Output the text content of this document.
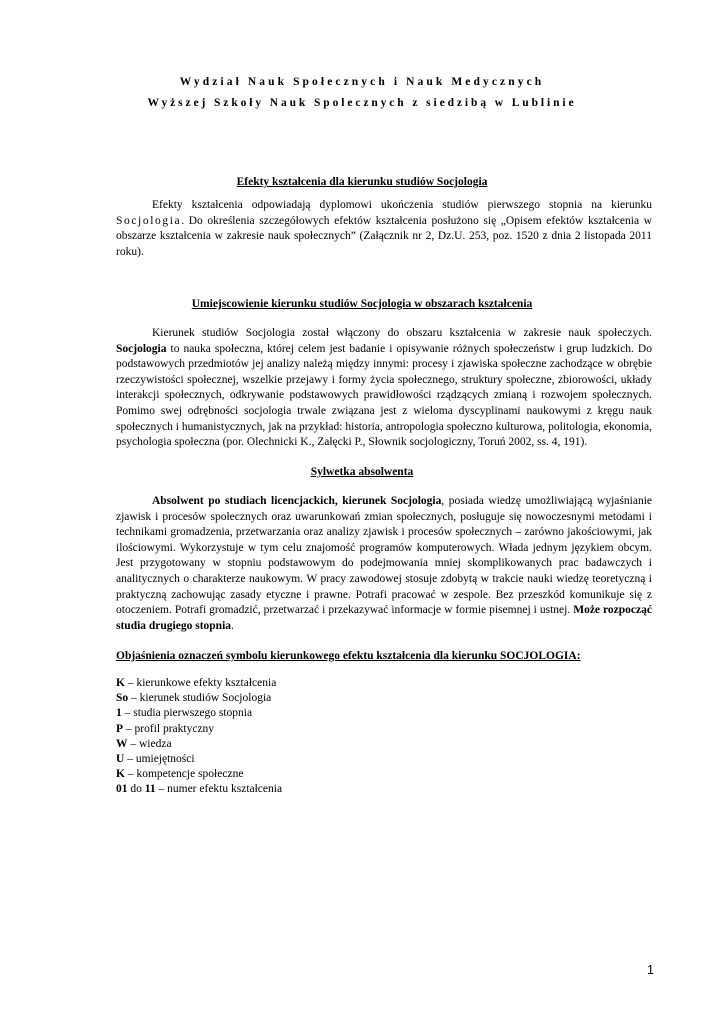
Wydział Nauk Społecznych i Nauk Medycznych
Wyższej Szkoły Nauk Spolecznych z siedzibą w Lublinie
Efekty kształcenia dla kierunku studiów Socjologia
Efekty kształcenia odpowiadają dyplomowi ukończenia studiów pierwszego stopnia na kierunku Socjologia. Do określenia szczegółowych efektów kształcenia posłużono się „Opisem efektów kształcenia w obszarze kształcenia w zakresie nauk społecznych” (Załącznik nr 2, Dz.U. 253, poz. 1520 z dnia 2 listopada 2011 roku).
Umiejscowienie kierunku studiów Socjologia w obszarach kształcenia
Kierunek studiów Socjologia został włączony do obszaru kształcenia w zakresie nauk społeczych. Socjologia to nauka społeczna, której celem jest badanie i opisywanie różnych społeczeństw i grup ludzkich. Do podstawowych przedmiotów jej analizy należą między innymi: procesy i zjawiska społeczne zachodzące w obrębie rzeczywistości społecznej, wszelkie przejawy i formy życia społecznego, struktury społeczne, zbiorowości, układy interakcji społecznych, odkrywanie podstawowych prawidłowości rządzących zmianą i rozwojem społecznych. Pomimo swej odrębności socjologia trwale związana jest z wieloma dyscyplinami naukowymi z kręgu nauk społecznych i humanistycznych, jak na przykład: historia, antropologia społeczno kulturowa, politologia, ekonomia, psychologia społeczna (por. Olechnicki K., Załęcki P., Słownik socjologiczny, Toruń 2002, ss. 4, 191).
Sylwetka absolwenta
Absolwent po studiach licencjackich, kierunek Socjologia, posiada wiedzę umożliwiającą wyjaśnianie zjawisk i procesów społecznych oraz uwarunkowań zmian społecznych, posługuje się nowoczesnymi metodami i technikami gromadzenia, przetwarzania oraz analizy zjawisk i procesów społecznych – zarówno jakościowymi, jak ilościowymi. Wykorzystuje w tym celu znajomość programów komputerowych. Włada jednym językiem obcym. Jest przygotowany w stopniu podstawowym do podejmowania mniej skomplikowanych prac badawczych i analitycznych o charakterze naukowym. W pracy zawodowej stosuje zdobytą w trakcie nauki wiedzę teoretyczną i praktyczną zachowując zasady etyczne i prawne. Potrafi pracować w zespole. Bez przeszkód komunikuje się z otoczeniem. Potrafi gromadzić, przetwarzać i przekazywać informacje w formie pisemnej i ustnej. Może rozpocząć studia drugiego stopnia.
Objaśnienia oznaczeń symbolu kierunkowego efektu kształcenia dla kierunku SOCJOLOGIA:
K – kierunkowe efekty kształcenia
So – kierunek studiów Socjologia
1 – studia pierwszego stopnia
P – profil praktyczny
W – wiedza
U – umiejętności
K – kompetencje społeczne
01 do 11 – numer efektu kształcenia
1
